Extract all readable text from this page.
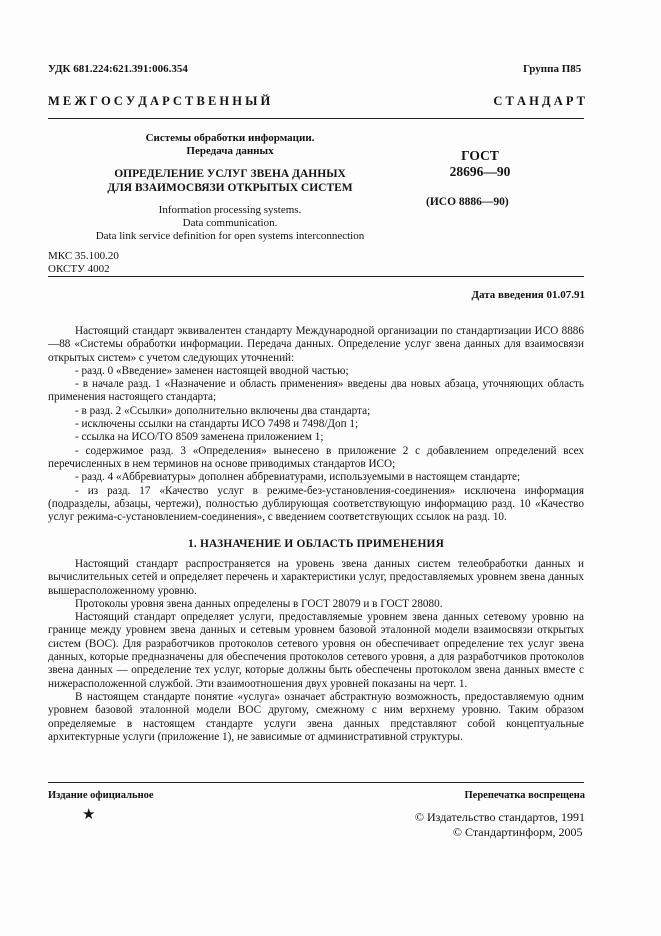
УДК 681.224:621.391:006.354	Группа П85
М Е Ж Г О С У Д А Р С Т В Е Н Н Ы Й	С Т А Н Д А Р Т
Системы обработки информации.
Передача данных
ОПРЕДЕЛЕНИЕ УСЛУГ ЗВЕНА ДАННЫХ
ДЛЯ ВЗАИМОСВЯЗИ ОТКРЫТЫХ СИСТЕМ
Information processing systems.
Data communication.
Data link service definition for open systems interconnection
ГОСТ
28696—90
(ИСО 8886—90)
МКС 35.100.20
ОКСТУ 4002
Дата введения 01.07.91

Настоящий стандарт эквивалентен стандарту Международной организации по стандартизации ИСО 8886—88 «Системы обработки информации. Передача данных. Определение услуг звена данных для взаимосвязи открытых систем» с учетом следующих уточнений:

- разд. 0 «Введение» заменен настоящей вводной частью;

- в начале разд. 1 «Назначение и область применения» введены два новых абзаца, уточняющих область применения настоящего стандарта;

- в разд. 2 «Ссылки» дополнительно включены два стандарта;

- исключены ссылки на стандарты ИСО 7498 и 7498/Доп 1;

- ссылка на ИСО/ТО 8509 заменена приложением 1;

- содержимое разд. 3 «Определения» вынесено в приложение 2 с добавлением определений всех перечисленных в нем терминов на основе приводимых стандартов ИСО;

- разд. 4 «Аббревиатуры» дополнен аббревиатурами, используемыми в настоящем стандарте;

- из разд. 17 «Качество услуг в режиме-без-установления-соединения» исключена информация (подразделы, абзацы, чертежи), полностью дублирующая соответствующую информацию разд. 10 «Качество услуг режима-с-установлением-соединения», с введением соответствующих ссылок на разд. 10.

1. НАЗНАЧЕНИЕ И ОБЛАСТЬ ПРИМЕНЕНИЯ

Настоящий стандарт распространяется на уровень звена данных систем телеобработки данных и вычислительных сетей и определяет перечень и характеристики услуг, предоставляемых уровнем звена данных вышерасположенному уровню.

Протоколы уровня звена данных определены в ГОСТ 28079 и в ГОСТ 28080.

Настоящий стандарт определяет услуги, предоставляемые уровнем звена данных сетевому уровню на границе между уровнем звена данных и сетевым уровнем базовой эталонной модели взаимосвязи открытых систем (ВОС). Для разработчиков протоколов сетевого уровня он обеспечивает определение тех услуг звена данных, которые предназначены для обеспечения протоколов сетевого уровня, а для разработчиков протоколов звена данных — определение тех услуг, которые должны быть обеспечены протоколом звена данных вместе с нижерасположенной службой. Эти взаимоотношения двух уровней показаны на черт. 1.

В настоящем стандарте понятие «услуга» означает абстрактную возможность, предоставляемую одним уровнем базовой эталонной модели ВОС другому, смежному с ним верхнему уровню. Таким образом определяемые в настоящем стандарте услуги звена данных представляют собой концептуальные архитектурные услуги (приложение 1), не зависимые от административной структуры.

Издание официальное	Перепечатка воспрещена
★	© Издательство стандартов, 1991
© Стандартинформ, 2005
